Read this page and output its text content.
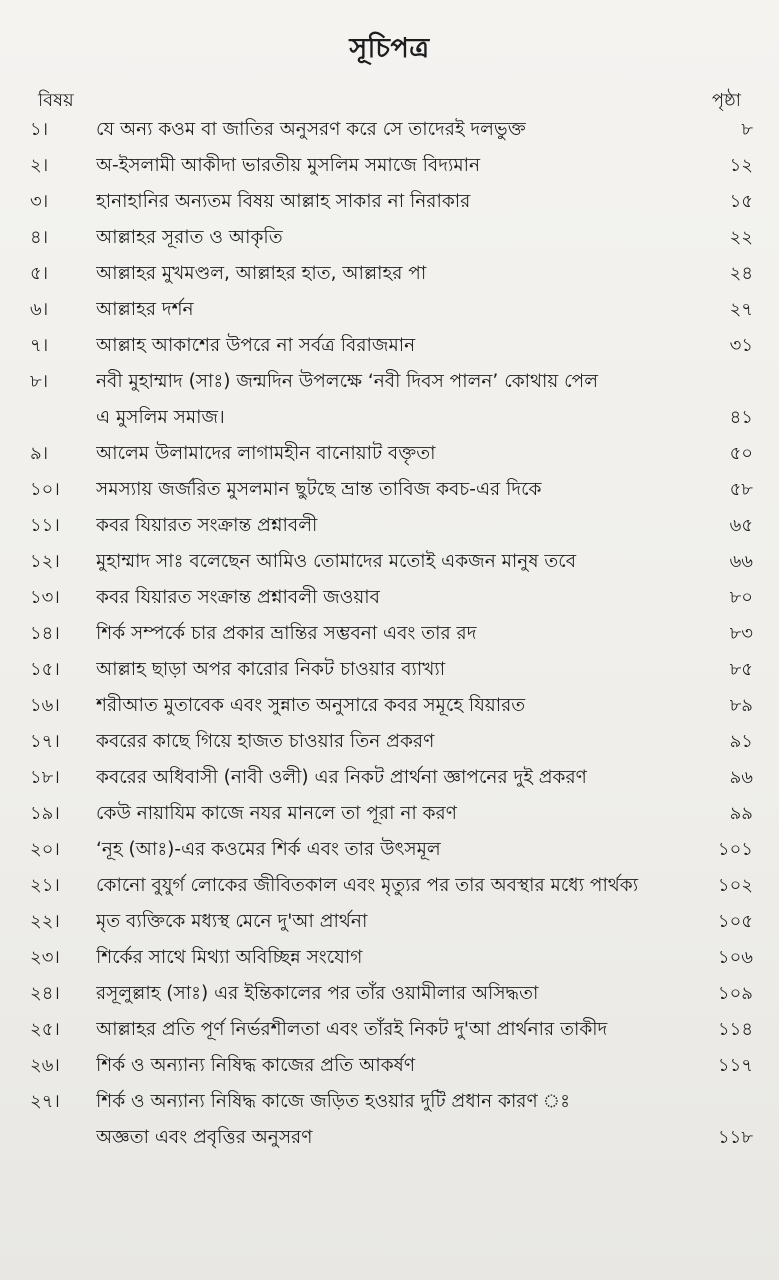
সূচিপত্র
বিষয়	পৃষ্ঠা
১।	যে অন্য কওম বা জাতির অনুসরণ করে সে তাদেরই দলভুক্ত	৮
২।	অ-ইসলামী আকীদা ভারতীয় মুসলিম সমাজে বিদ্যমান	১২
৩।	হানাহানির অন্যতম বিষয় আল্লাহ সাকার না নিরাকার	১৫
৪।	আল্লাহর সূরাত ও আকৃতি	২২
৫।	আল্লাহর মুখমণ্ডল, আল্লাহর হাত, আল্লাহর পা	২৪
৬।	আল্লাহর দর্শন	২৭
৭।	আল্লাহ আকাশের উপরে না সর্বত্র বিরাজমান	৩১
৮।	নবী মুহাম্মাদ (সাঃ) জন্মদিন উপলক্ষে ‘নবী দিবস পালন’ কোথায় পেল
এ মুসলিম সমাজ।	৪১
৯।	আলেম উলামাদের লাগামহীন বানোয়াট বক্তৃতা	৫০
১০।	সমস্যায় জর্জরিত মুসলমান ছুটছে ভ্রান্ত তাবিজ কবচ-এর দিকে	৫৮
১১।	কবর যিয়ারত সংক্রান্ত প্রশ্নাবলী	৬৫
১২।	মুহাম্মাদ সাঃ বলেছেন আমিও তোমাদের মতোই একজন মানুষ তবে	৬৬
১৩।	কবর যিয়ারত সংক্রান্ত প্রশ্নাবলী জওয়াব	৮০
১৪।	শির্ক সম্পর্কে চার প্রকার ভ্রান্তির সম্ভবনা এবং তার রদ	৮৩
১৫।	আল্লাহ ছাড়া অপর কারোর নিকট চাওয়ার ব্যাখ্যা	৮৫
১৬।	শরীআত মুতাবেক এবং সুন্নাত অনুসারে কবর সমূহে যিয়ারত	৮৯
১৭।	কবরের কাছে গিয়ে হাজত চাওয়ার তিন প্রকরণ	৯১
১৮।	কবরের অধিবাসী (নাবী ওলী) এর নিকট প্রার্থনা জ্ঞাপনের দুই প্রকরণ	৯৬
১৯।	কেউ নায়াযিম কাজে নযর মানলে তা পূরা না করণ	৯৯
২০।	‘নূহ (আঃ)-এর কওমের শির্ক এবং তার উৎসমূল	১০১
২১।	কোনো বুযুর্গ লোকের জীবিতকাল এবং মৃত্যুর পর তার অবস্থার মধ্যে পার্থক্য	১০২
২২।	মৃত ব্যক্তিকে মধ্যস্থ মেনে দু'আ প্রার্থনা	১০৫
২৩।	শির্কের সাথে মিথ্যা অবিচ্ছিন্ন সংযোগ	১০৬
২৪।	রসূলুল্লাহ (সাঃ) এর ইন্তিকালের পর তাঁর ওয়ামীলার অসিদ্ধতা	১০৯
২৫।	আল্লাহর প্রতি পূর্ণ নির্ভরশীলতা এবং তাঁরই নিকট দু'আ প্রার্থনার তাকীদ	১১৪
২৬।	শির্ক ও অন্যান্য নিষিদ্ধ কাজের প্রতি আকর্ষণ	১১৭
২৭।	শির্ক ও অন্যান্য নিষিদ্ধ কাজে জড়িত হওয়ার দুটি প্রধান কারণ ঃ
অজ্ঞতা এবং প্রবৃত্তির অনুসরণ	১১৮
